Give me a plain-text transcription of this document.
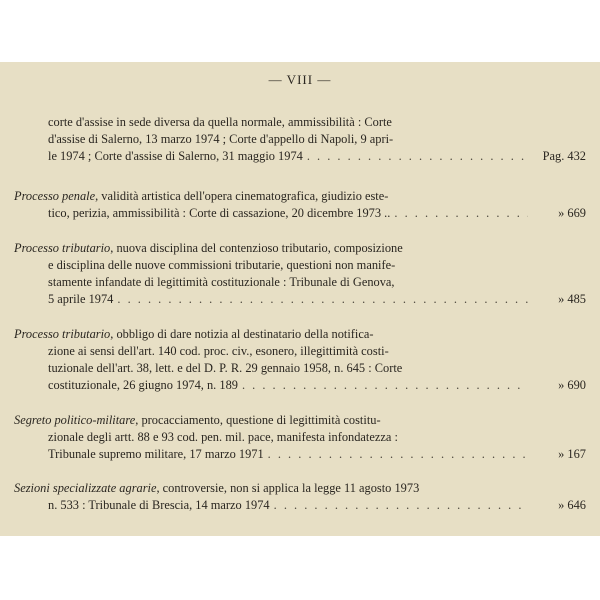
— VIII —
corte d'assise in sede diversa da quella normale, ammissibilità : Corte
d'assise di Salerno, 13 marzo 1974 ; Corte d'appello di Napoli, 9 apri-
le 1974 ; Corte d'assise di Salerno, 31 maggio 1974 . . .	Pag. 432
Processo penale, validità artistica dell'opera cinematografica, giudizio este-
tico, perizia, ammissibilità : Corte di cassazione, 20 dicembre 1973 .. . . .	» 669
Processo tributario, nuova disciplina del contenzioso tributario, composizione
e disciplina delle nuove commissioni tributarie, questioni non manife-
stamente infandate di legittimità costituzionale : Tribunale di Genova,
5 aprile 1974 . . .	» 485
Processo tributario, obbligo di dare notizia al destinatario della notifica-
zione ai sensi dell'art. 140 cod. proc. civ., esonero, illegittimità costi-
tuzionale dell'art. 38, lett. e del D. P. R. 29 gennaio 1958, n. 645 : Corte
costituzionale, 26 giugno 1974, n. 189 . . .	» 690
Segreto politico-militare, procacciamento, questione di legittimità costitu-
zionale degli artt. 88 e 93 cod. pen. mil. pace, manifesta infondatezza :
Tribunale supremo militare, 17 marzo 1971 . . .	» 167
Sezioni specializzate agrarie, controversie, non si applica la legge 11 agosto 1973
n. 533 : Tribunale di Brescia, 14 marzo 1974 . . .	» 646
